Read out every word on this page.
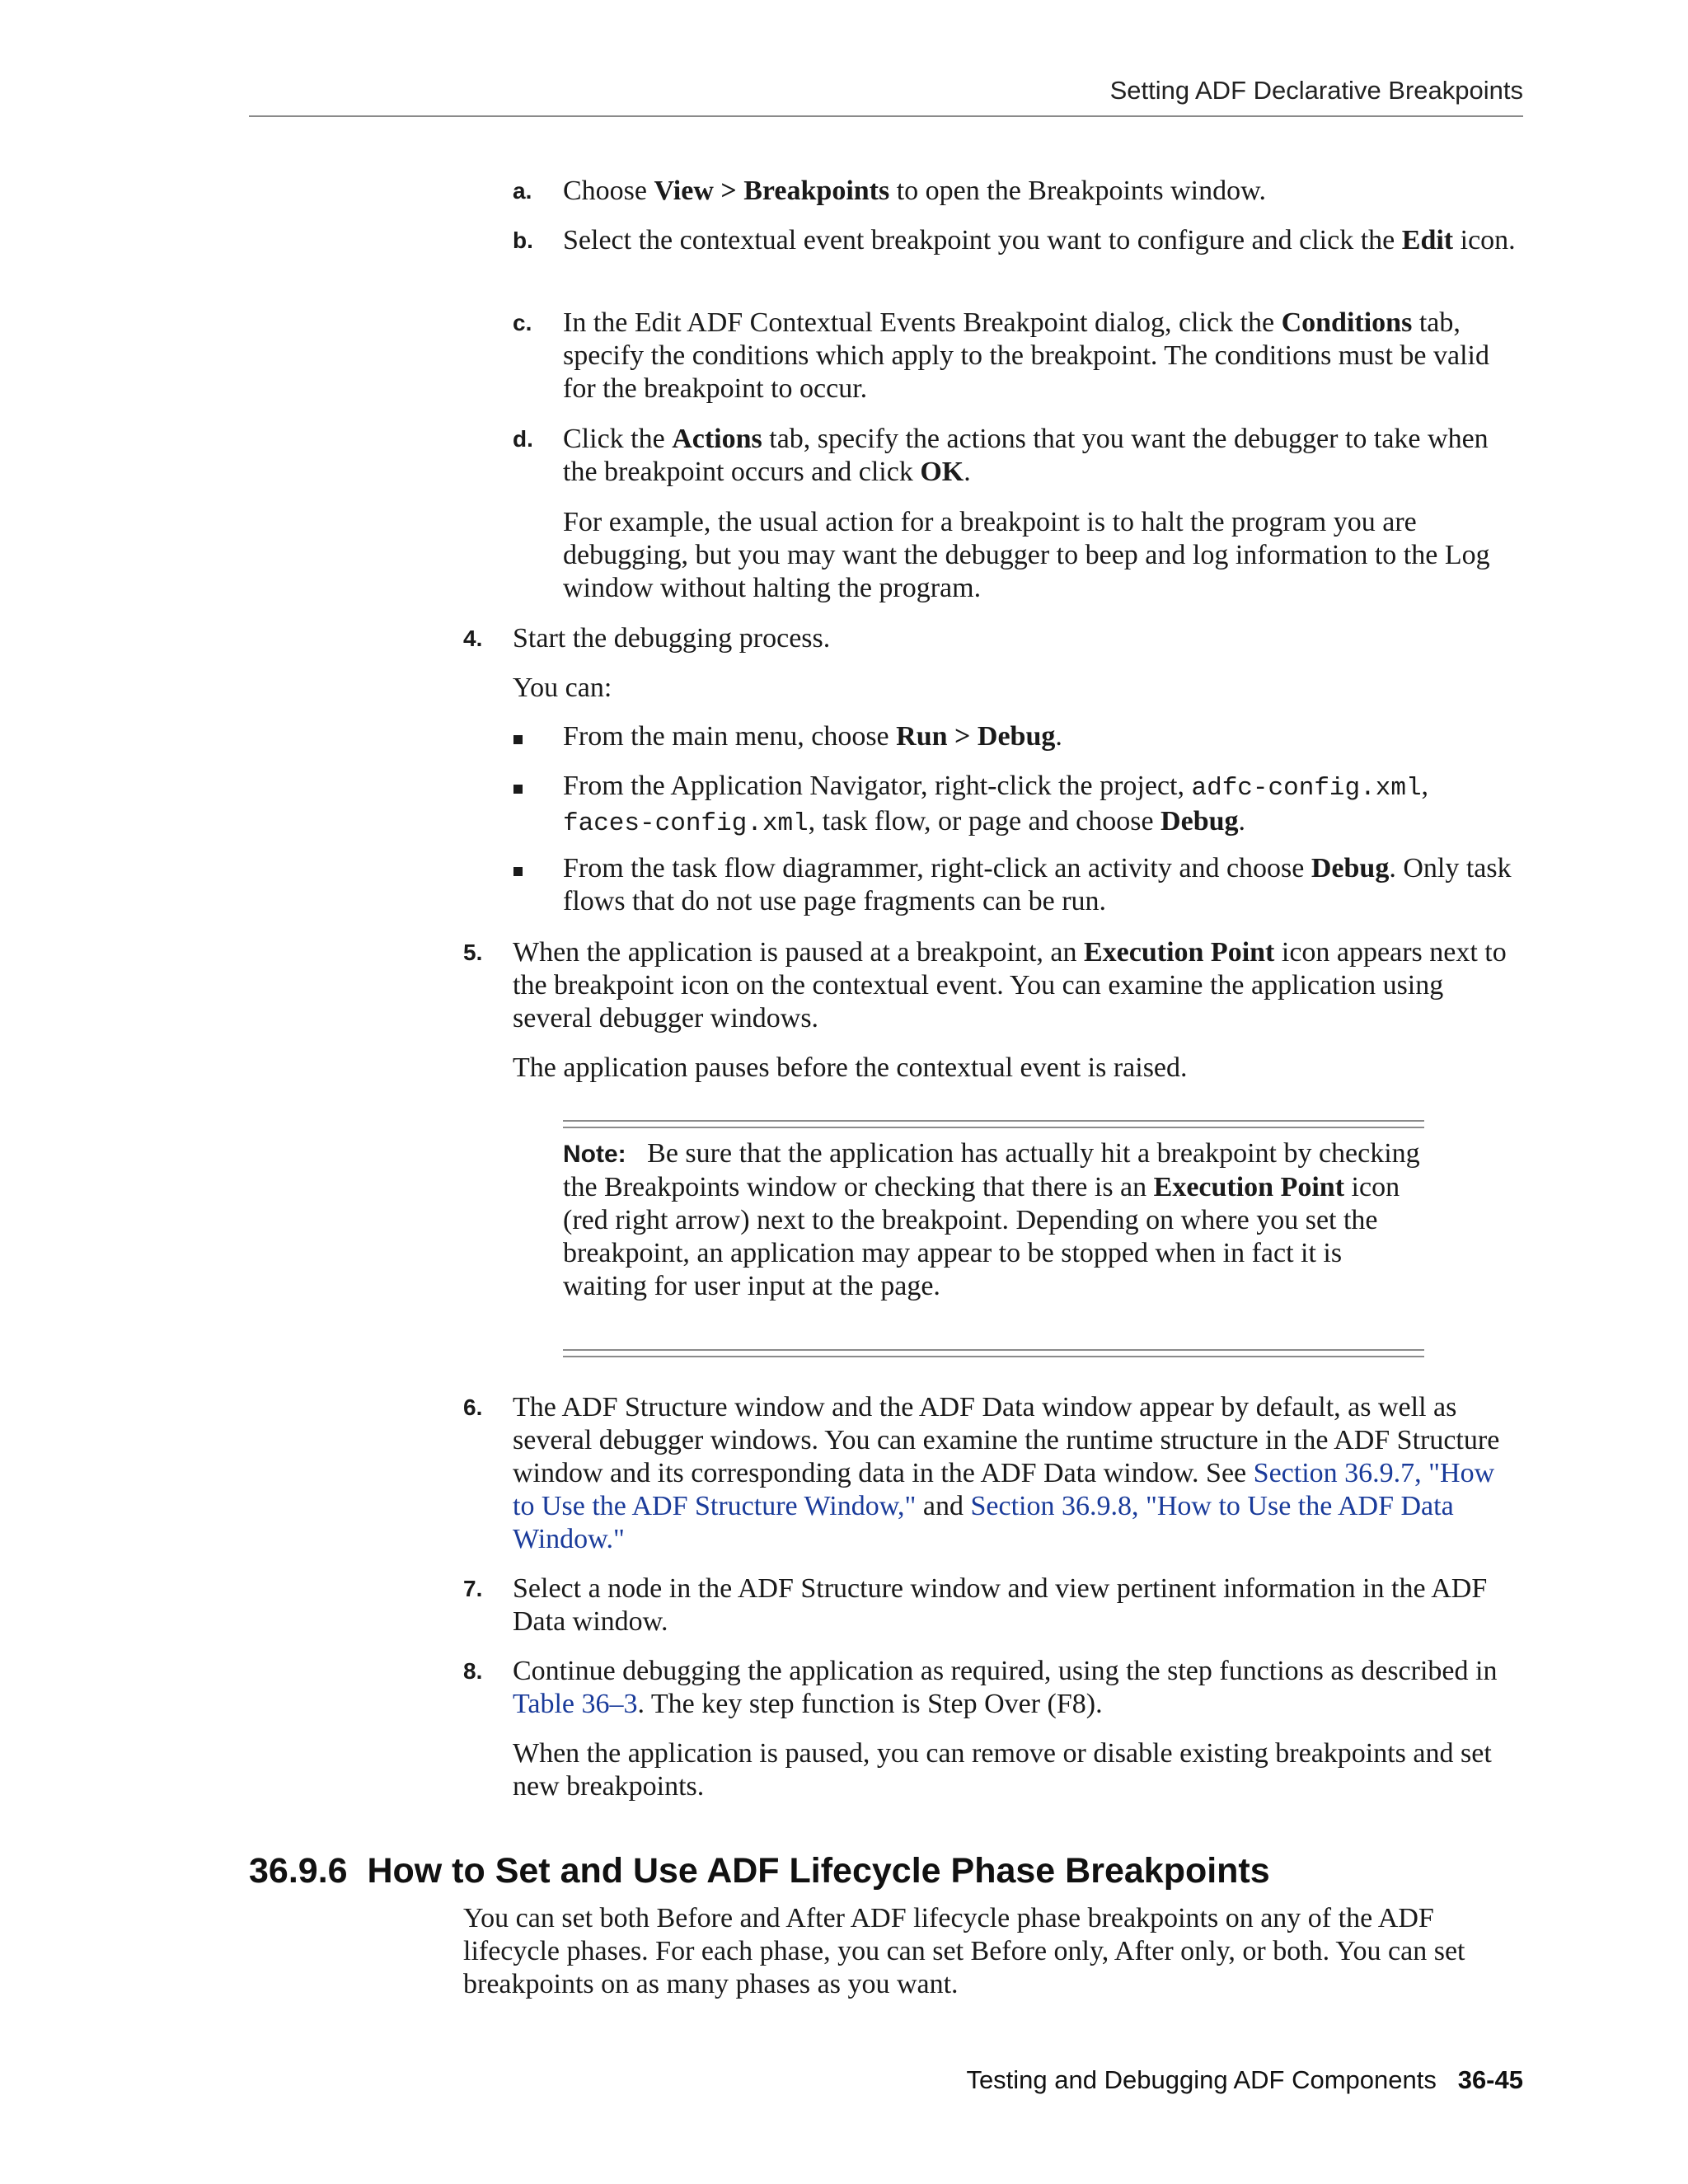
Setting ADF Declarative Breakpoints
a. Choose View > Breakpoints to open the Breakpoints window.
b. Select the contextual event breakpoint you want to configure and click the Edit icon.
c. In the Edit ADF Contextual Events Breakpoint dialog, click the Conditions tab, specify the conditions which apply to the breakpoint. The conditions must be valid for the breakpoint to occur.
d. Click the Actions tab, specify the actions that you want the debugger to take when the breakpoint occurs and click OK.
For example, the usual action for a breakpoint is to halt the program you are debugging, but you may want the debugger to beep and log information to the Log window without halting the program.
4. Start the debugging process.
You can:
From the main menu, choose Run > Debug.
From the Application Navigator, right-click the project, adfc-config.xml, faces-config.xml, task flow, or page and choose Debug.
From the task flow diagrammer, right-click an activity and choose Debug. Only task flows that do not use page fragments can be run.
5. When the application is paused at a breakpoint, an Execution Point icon appears next to the breakpoint icon on the contextual event. You can examine the application using several debugger windows.
The application pauses before the contextual event is raised.
Note: Be sure that the application has actually hit a breakpoint by checking the Breakpoints window or checking that there is an Execution Point icon (red right arrow) next to the breakpoint. Depending on where you set the breakpoint, an application may appear to be stopped when in fact it is waiting for user input at the page.
6. The ADF Structure window and the ADF Data window appear by default, as well as several debugger windows. You can examine the runtime structure in the ADF Structure window and its corresponding data in the ADF Data window. See Section 36.9.7, "How to Use the ADF Structure Window," and Section 36.9.8, "How to Use the ADF Data Window."
7. Select a node in the ADF Structure window and view pertinent information in the ADF Data window.
8. Continue debugging the application as required, using the step functions as described in Table 36–3. The key step function is Step Over (F8).
When the application is paused, you can remove or disable existing breakpoints and set new breakpoints.
36.9.6 How to Set and Use ADF Lifecycle Phase Breakpoints
You can set both Before and After ADF lifecycle phase breakpoints on any of the ADF lifecycle phases. For each phase, you can set Before only, After only, or both. You can set breakpoints on as many phases as you want.
Testing and Debugging ADF Components 36-45
